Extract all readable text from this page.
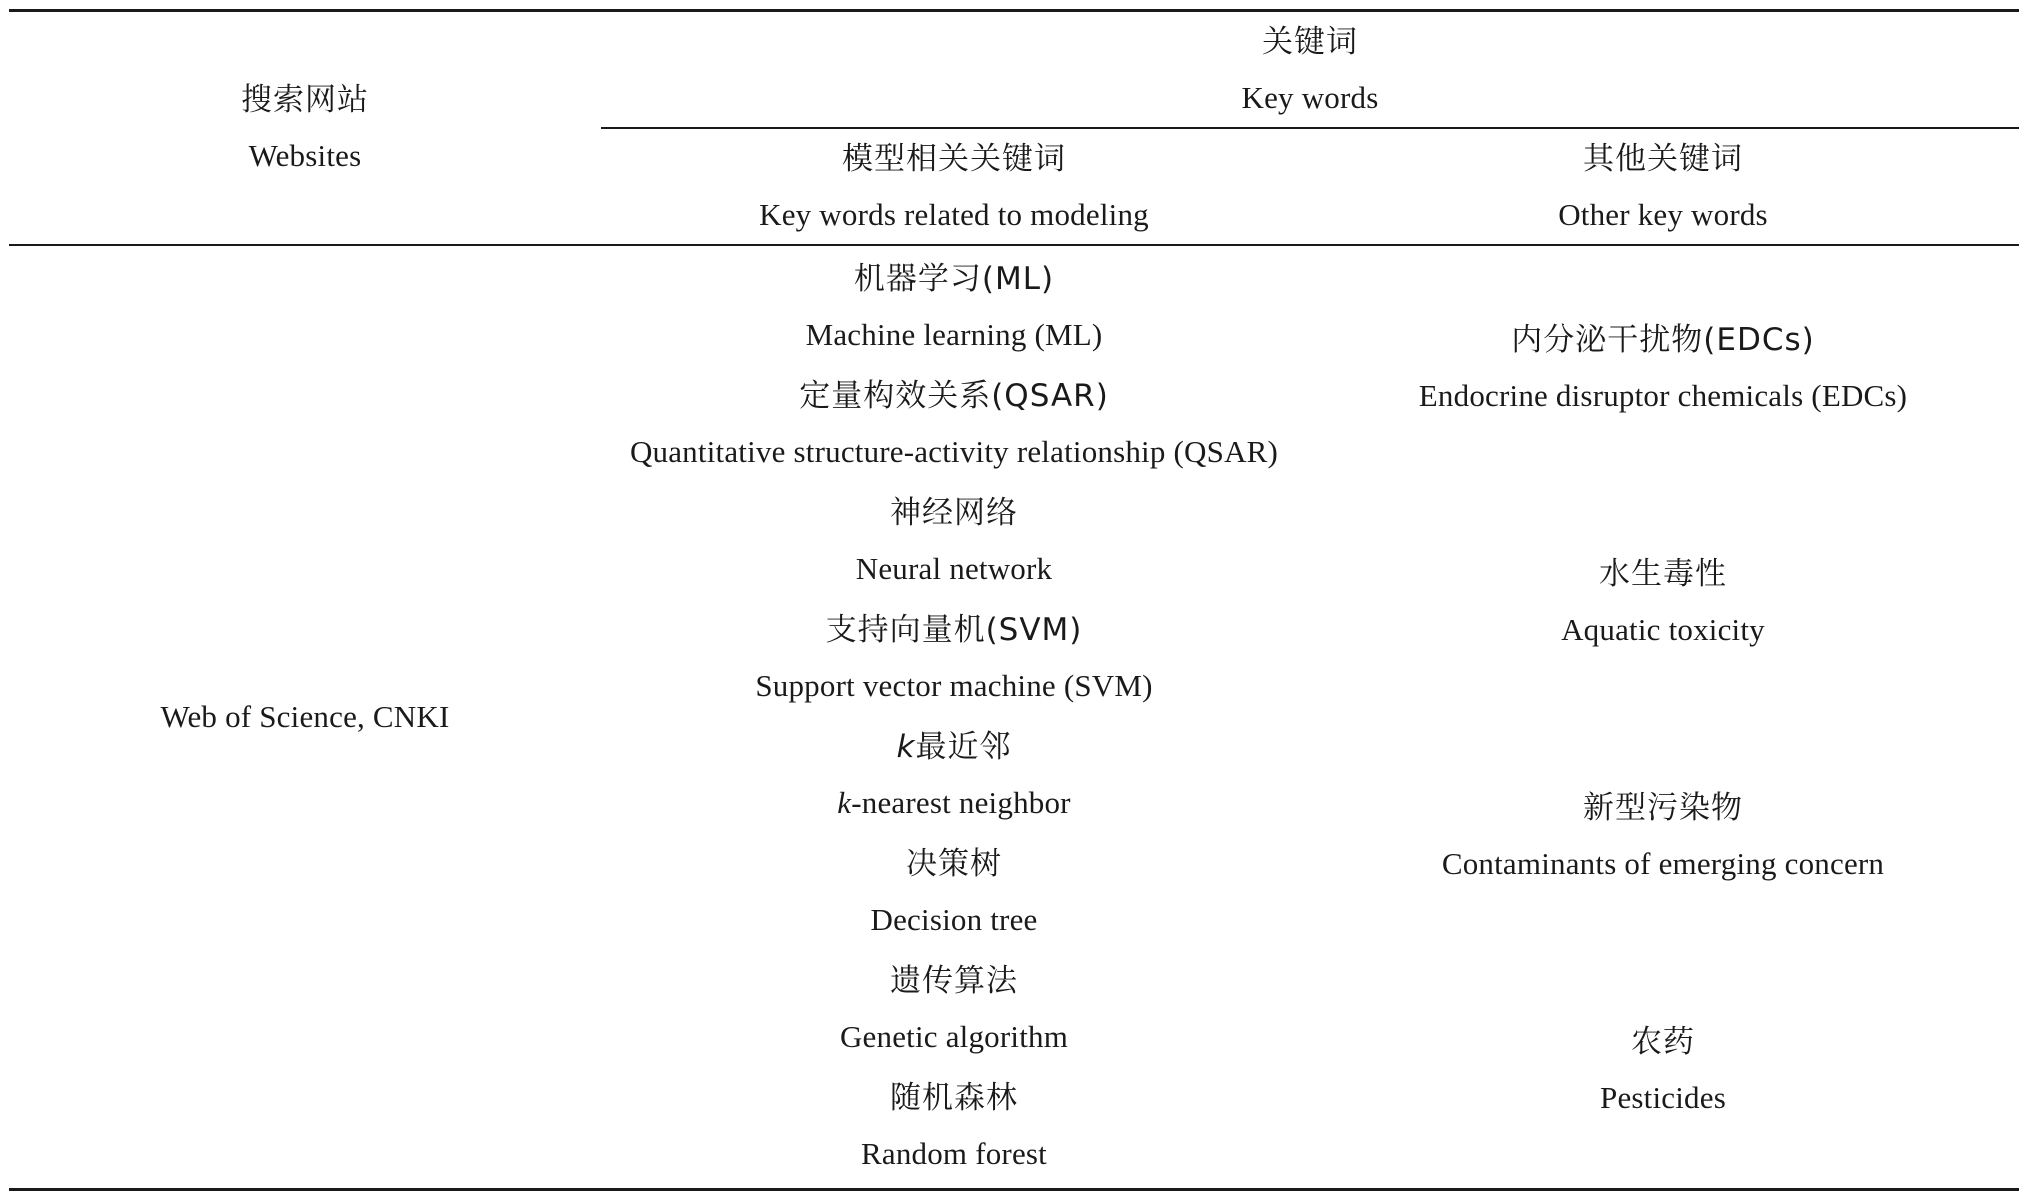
搜索网站
Websites
关键词
Key words
模型相关关键词
Key words related to modeling
其他关键词
Other key words
Web of Science, CNKI
机器学习(ML)
Machine learning (ML)
定量构效关系(QSAR)
Quantitative structure-activity relationship (QSAR)
神经网络
Neural network
支持向量机(SVM)
Support vector machine (SVM)
k最近邻
k-nearest neighbor
决策树
Decision tree
遗传算法
Genetic algorithm
随机森林
Random forest
内分泌干扰物(EDCs)
Endocrine disruptor chemicals (EDCs)
水生毒性
Aquatic toxicity
新型污染物
Contaminants of emerging concern
农药
Pesticides
